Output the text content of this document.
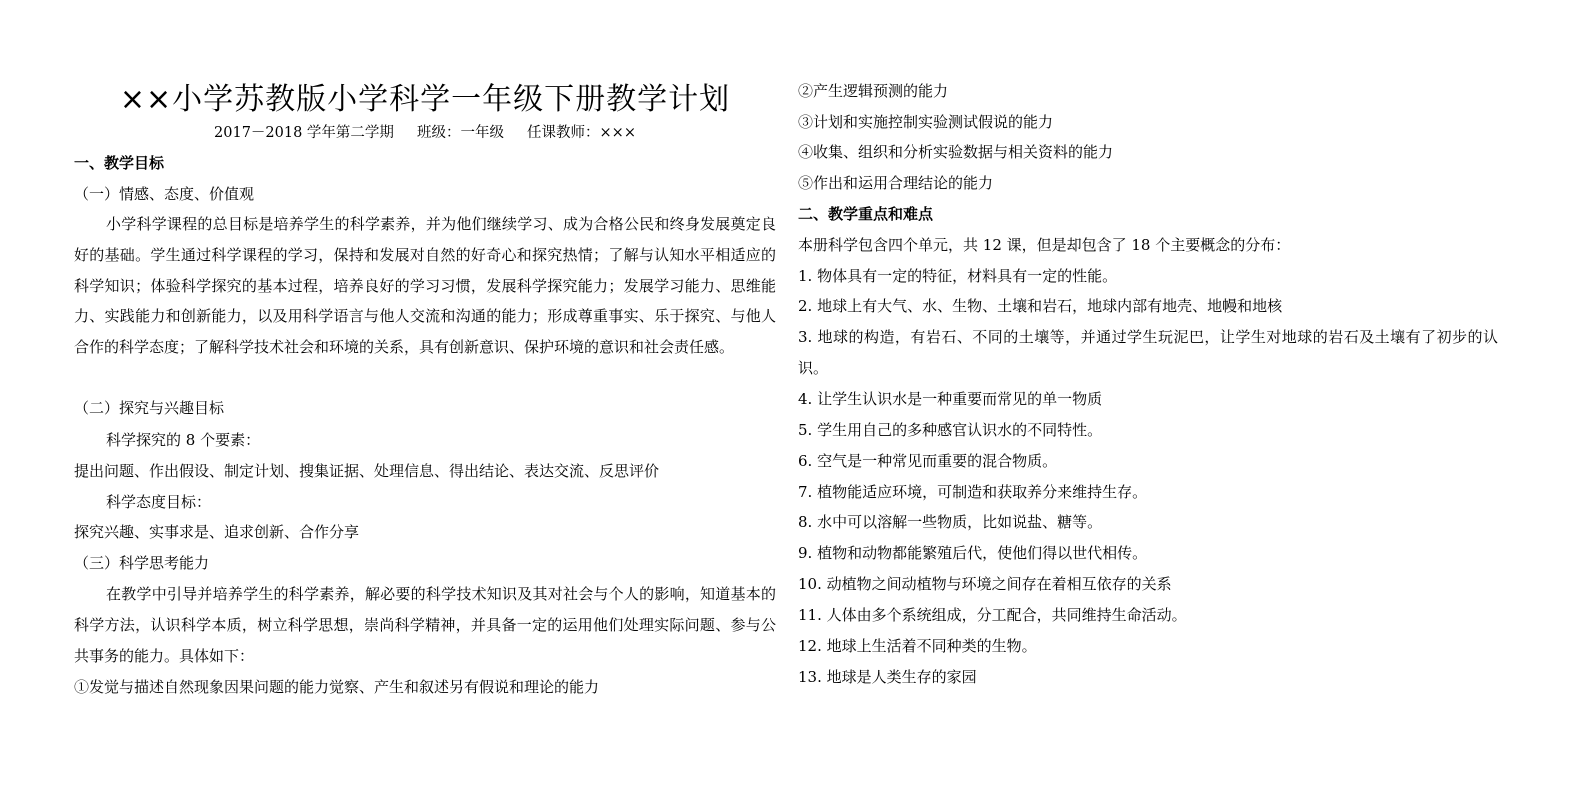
××小学苏教版小学科学一年级下册教学计划
2017－2018 学年第二学期     班级：一年级     任课教师：×××
一、教学目标
（一）情感、态度、价值观
小学科学课程的总目标是培养学生的科学素养，并为他们继续学习、成为合格公民和终身发展奠定良好的基础。学生通过科学课程的学习，保持和发展对自然的好奇心和探究热情；了解与认知水平相适应的科学知识；体验科学探究的基本过程，培养良好的学习习惯，发展科学探究能力；发展学习能力、思维能力、实践能力和创新能力，以及用科学语言与他人交流和沟通的能力；形成尊重事实、乐于探究、与他人合作的科学态度；了解科学技术社会和环境的关系，具有创新意识、保护环境的意识和社会责任感。
（二）探究与兴趣目标
科学探究的 8 个要素：
提出问题、作出假设、制定计划、搜集证据、处理信息、得出结论、表达交流、反思评价
科学态度目标：
探究兴趣、实事求是、追求创新、合作分享
（三）科学思考能力
在教学中引导并培养学生的科学素养，解必要的科学技术知识及其对社会与个人的影响，知道基本的科学方法，认识科学本质，树立科学思想，崇尚科学精神，并具备一定的运用他们处理实际问题、参与公共事务的能力。具体如下：
①发觉与描述自然现象因果问题的能力觉察、产生和叙述另有假说和理论的能力
②产生逻辑预测的能力
③计划和实施控制实验测试假说的能力
④收集、组织和分析实验数据与相关资料的能力
⑤作出和运用合理结论的能力
二、教学重点和难点
本册科学包含四个单元，共 12 课，但是却包含了 18 个主要概念的分布：
1. 物体具有一定的特征，材料具有一定的性能。
2. 地球上有大气、水、生物、土壤和岩石，地球内部有地壳、地幔和地核
3. 地球的构造，有岩石、不同的土壤等，并通过学生玩泥巴，让学生对地球的岩石及土壤有了初步的认识。
4. 让学生认识水是一种重要而常见的单一物质
5. 学生用自己的多种感官认识水的不同特性。
6. 空气是一种常见而重要的混合物质。
7. 植物能适应环境，可制造和获取养分来维持生存。
8. 水中可以溶解一些物质，比如说盐、糖等。
9. 植物和动物都能繁殖后代，使他们得以世代相传。
10. 动植物之间动植物与环境之间存在着相互依存的关系
11. 人体由多个系统组成，分工配合，共同维持生命活动。
12. 地球上生活着不同种类的生物。
13. 地球是人类生存的家园
